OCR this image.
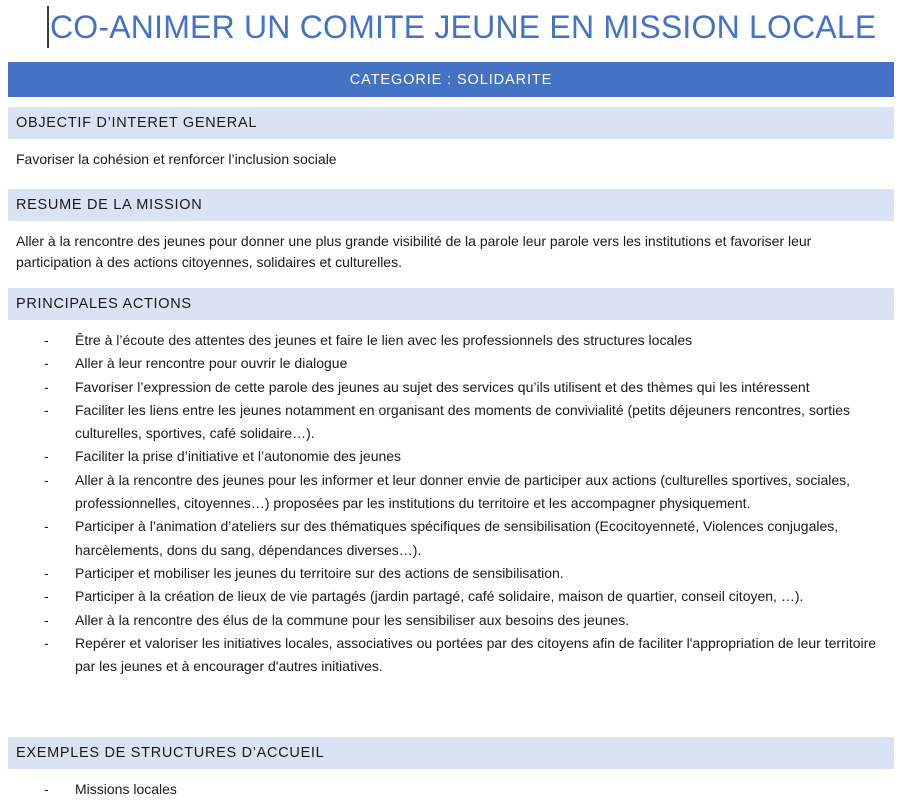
CO-ANIMER UN COMITE JEUNE EN MISSION LOCALE
CATEGORIE : SOLIDARITE
OBJECTIF D’INTERET GENERAL
Favoriser la cohésion et renforcer l’inclusion sociale
RESUME DE LA MISSION
Aller à la rencontre des jeunes pour donner une plus grande visibilité de la parole leur parole vers les institutions et favoriser leur participation à des actions citoyennes, solidaires et culturelles.
PRINCIPALES ACTIONS
-	Être à l’écoute des attentes des jeunes et faire le lien avec les professionnels des structures locales
-	Aller à leur rencontre pour ouvrir le dialogue
-	Favoriser l’expression de cette parole des jeunes au sujet des services qu’ils utilisent et des thèmes qui les intéressent
-	Faciliter les liens entre les jeunes notamment en organisant des moments de convivialité (petits déjeuners rencontres, sorties culturelles, sportives, café solidaire…).
-	Faciliter la prise d’initiative et l’autonomie des jeunes
-	Aller à la rencontre des jeunes pour les informer et leur donner envie de participer aux actions (culturelles sportives, sociales, professionnelles, citoyennes…) proposées par les institutions du territoire et les accompagner physiquement.
-	Participer à l’animation d’ateliers sur des thématiques spécifiques de sensibilisation (Ecocitoyenneté, Violences conjugales, harcèlements, dons du sang, dépendances diverses…).
-	Participer et mobiliser les jeunes du territoire sur des actions de sensibilisation.
-	Participer à la création de lieux de vie partagés (jardin partagé, café solidaire, maison de quartier, conseil citoyen, …).
-	Aller à la rencontre des élus de la commune pour les sensibiliser aux besoins des jeunes.
-	Repérer et valoriser les initiatives locales, associatives ou portées par des citoyens afin de faciliter l'appropriation de leur territoire par les jeunes et à encourager d'autres initiatives.
EXEMPLES DE STRUCTURES D’ACCUEIL
-	Missions locales
